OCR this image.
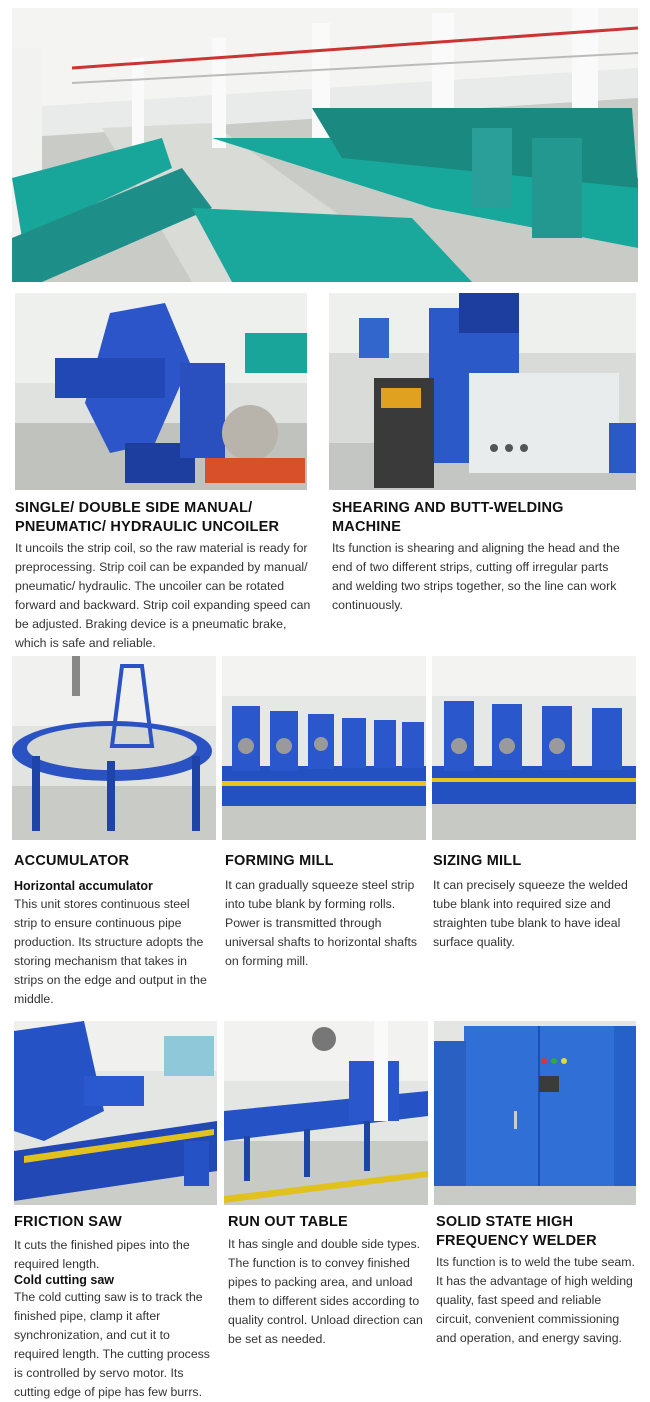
SINGLE/ DOUBLE SIDE MANUAL/ PNEUMATIC/ HYDRAULIC UNCOILER
It uncoils the strip coil, so the raw material is ready for preprocessing. Strip coil can be expanded by manual/ pneumatic/ hydraulic. The uncoiler can be rotated forward and backward. Strip coil expanding speed can be adjusted. Braking device is a pneumatic brake, which is safe and reliable.
SHEARING AND BUTT-WELDING MACHINE
Its function is shearing and aligning the head and the end of two different strips, cutting off irregular parts and welding two strips together, so the line can work continuously.
ACCUMULATOR
Horizontal accumulator
This unit stores continuous steel strip to ensure continuous pipe production. Its structure adopts the storing mechanism that takes in strips on the edge and output in the middle.
FORMING MILL
It can gradually squeeze steel strip into tube blank by forming rolls. Power is transmitted through universal shafts to horizontal shafts on forming mill.
SIZING MILL
It can precisely squeeze the welded tube blank into required size and straighten tube blank to have ideal surface quality.
FRICTION SAW
It cuts the finished pipes into the required length.
Cold cutting saw
The cold cutting saw is to track the finished pipe, clamp it after synchronization, and cut it to required length. The cutting process is controlled by servo motor. Its cutting edge of pipe has few burrs.
RUN OUT TABLE
It has single and double side types. The function is to convey finished pipes to packing area, and unload them to different sides according to quality control. Unload direction can be set as needed.
SOLID STATE HIGH FREQUENCY WELDER
Its function is to weld the tube seam. It has the advantage of high welding quality, fast speed and reliable circuit, convenient commissioning and operation, and energy saving.
